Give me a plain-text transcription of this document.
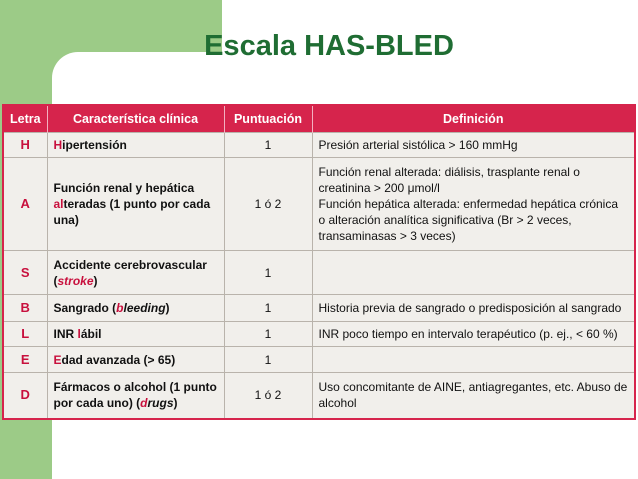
Escala HAS-BLED
Letra	Característica clínica	Puntuación	Definición
H	Hipertensión	1	Presión arterial sistólica > 160 mmHg
A	Función renal y hepática alteradas (1 punto por cada una)	1 ó 2	Función renal alterada: diálisis, trasplante renal o creatinina > 200 μmol/l
Función hepática alterada: enfermedad hepática crónica o alteración analítica significativa (Br > 2 veces, transaminasas > 3 veces)

S	Accidente cerebrovascular (stroke)	1	
B	Sangrado (bleeding)	1	Historia previa de sangrado o predisposición al sangrado
L	INR lábil	1	INR poco tiempo en intervalo terapéutico (p. ej., < 60 %)
E	Edad avanzada (> 65)	1	
D	Fármacos o alcohol (1 punto por cada uno) (drugs)	1 ó 2	Uso concomitante de AINE, antiagregantes, etc. Abuso de alcohol
